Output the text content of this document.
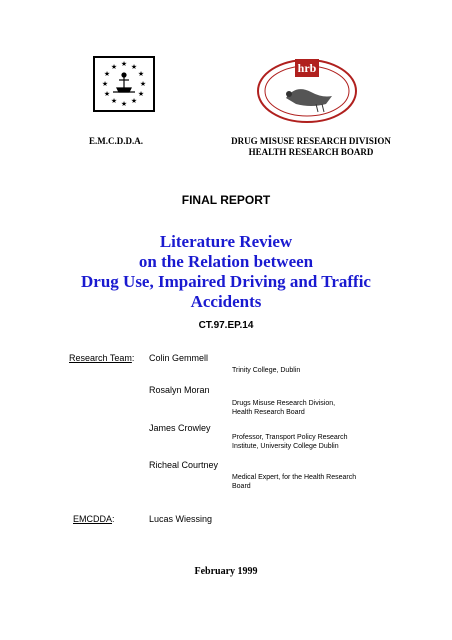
★ ★
★
★
★
★
★
★
★
★
★
★	hrb
E.M.C.D.D.A.	DRUG MISUSE RESEARCH DIVISION
HEALTH RESEARCH BOARD
FINAL REPORT
Literature Review
on the Relation between
Drug Use, Impaired Driving and Traffic
Accidents
CT.97.EP.14
Research Team: Colin Gemmell
Trinity College, Dublin
Rosalyn Moran
Drugs Misuse Research Division,
Health Research Board
James Crowley
Professor, Transport Policy Research
Institute, University College Dublin
Richeal Courtney
Medical Expert, for the Health Research
Board
EMCDDA:	Lucas Wiessing
February 1999
